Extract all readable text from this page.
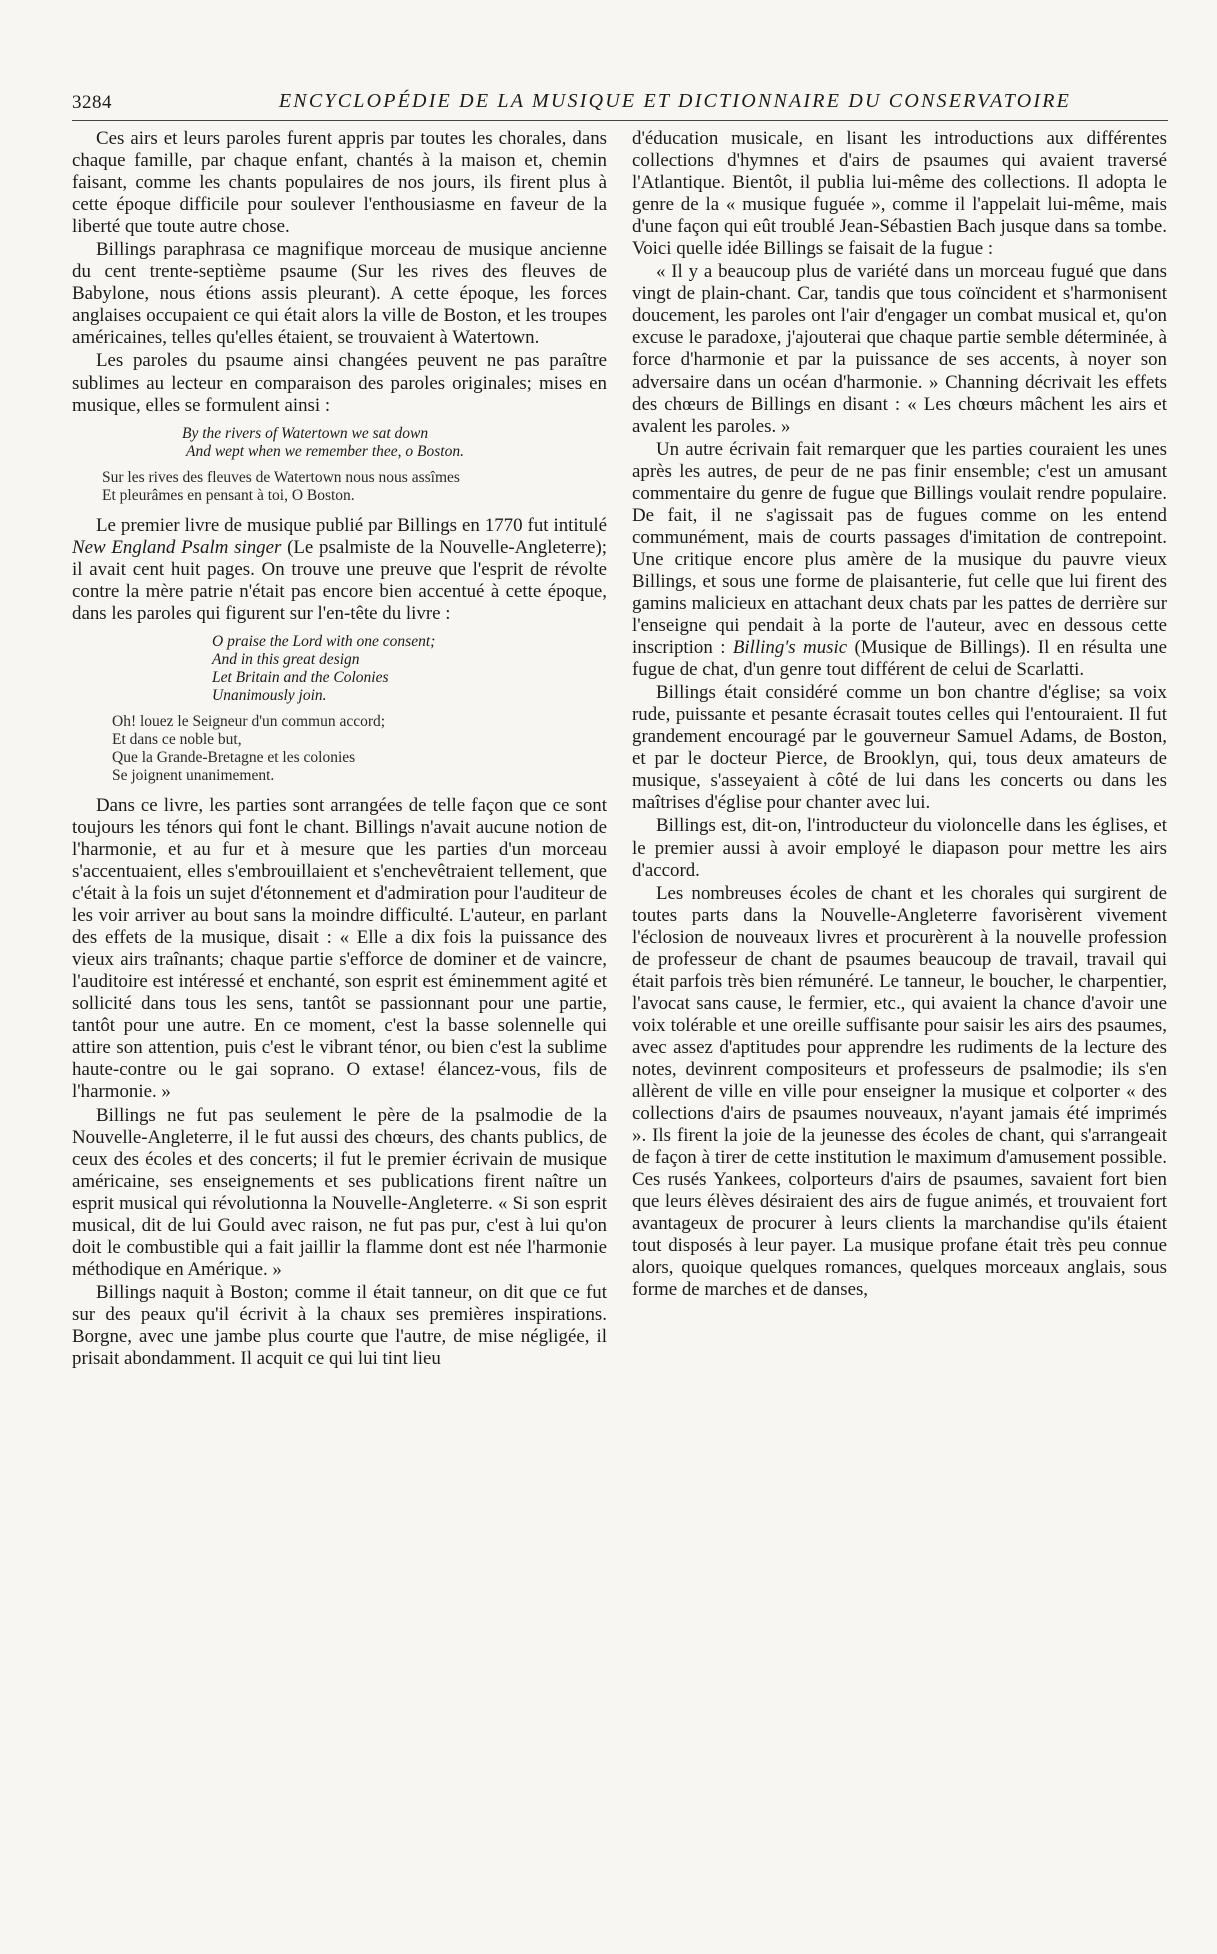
3284	ENCYCLOPÉDIE DE LA MUSIQUE ET DICTIONNAIRE DU CONSERVATOIRE

Ces airs et leurs paroles furent appris par toutes les chorales, dans chaque famille, par chaque enfant, chantés à la maison et, chemin faisant, comme les chants populaires de nos jours, ils firent plus à cette époque difficile pour soulever l'enthousiasme en faveur de la liberté que toute autre chose.

Billings paraphrasa ce magnifique morceau de musique ancienne du cent trente-septième psaume (Sur les rives des fleuves de Babylone, nous étions assis pleurant). A cette époque, les forces anglaises occupaient ce qui était alors la ville de Boston, et les troupes américaines, telles qu'elles étaient, se trouvaient à Watertown.

Les paroles du psaume ainsi changées peuvent ne pas paraître sublimes au lecteur en comparaison des paroles originales; mises en musique, elles se formulent ainsi :

By the rivers of Watertown we sat down
And wept when we remember thee, o Boston.
Sur les rives des fleuves de Watertown nous nous assîmes
Et pleurâmes en pensant à toi, O Boston.

Le premier livre de musique publié par Billings en 1770 fut intitulé New England Psalm singer (Le psalmiste de la Nouvelle-Angleterre); il avait cent huit pages. On trouve une preuve que l'esprit de révolte contre la mère patrie n'était pas encore bien accentué à cette époque, dans les paroles qui figurent sur l'en-tête du livre :

O praise the Lord with one consent;
And in this great design
Let Britain and the Colonies
Unanimously join.
Oh! louez le Seigneur d'un commun accord;
Et dans ce noble but,
Que la Grande-Bretagne et les colonies
Se joignent unanimement.

Dans ce livre, les parties sont arrangées de telle façon que ce sont toujours les ténors qui font le chant. Billings n'avait aucune notion de l'harmonie, et au fur et à mesure que les parties d'un morceau s'accentuaient, elles s'embrouillaient et s'enchevêtraient tellement, que c'était à la fois un sujet d'étonnement et d'admiration pour l'auditeur de les voir arriver au bout sans la moindre difficulté. L'auteur, en parlant des effets de la musique, disait : « Elle a dix fois la puissance des vieux airs traînants; chaque partie s'efforce de dominer et de vaincre, l'auditoire est intéressé et enchanté, son esprit est éminemment agité et sollicité dans tous les sens, tantôt se passionnant pour une partie, tantôt pour une autre. En ce moment, c'est la basse solennelle qui attire son attention, puis c'est le vibrant ténor, ou bien c'est la sublime haute-contre ou le gai soprano. O extase! élancez-vous, fils de l'harmonie. »

Billings ne fut pas seulement le père de la psalmodie de la Nouvelle-Angleterre, il le fut aussi des chœurs, des chants publics, de ceux des écoles et des concerts; il fut le premier écrivain de musique américaine, ses enseignements et ses publications firent naître un esprit musical qui révolutionna la Nouvelle-Angleterre. « Si son esprit musical, dit de lui Gould avec raison, ne fut pas pur, c'est à lui qu'on doit le combustible qui a fait jaillir la flamme dont est née l'harmonie méthodique en Amérique. »

Billings naquit à Boston; comme il était tanneur, on dit que ce fut sur des peaux qu'il écrivit à la chaux ses premières inspirations. Borgne, avec une jambe plus courte que l'autre, de mise négligée, il prisait abondamment. Il acquit ce qui lui tint lieu

d'éducation musicale, en lisant les introductions aux différentes collections d'hymnes et d'airs de psaumes qui avaient traversé l'Atlantique. Bientôt, il publia lui-même des collections. Il adopta le genre de la « musique fuguée », comme il l'appelait lui-même, mais d'une façon qui eût troublé Jean-Sébastien Bach jusque dans sa tombe. Voici quelle idée Billings se faisait de la fugue :

« Il y a beaucoup plus de variété dans un morceau fugué que dans vingt de plain-chant. Car, tandis que tous coïncident et s'harmonisent doucement, les paroles ont l'air d'engager un combat musical et, qu'on excuse le paradoxe, j'ajouterai que chaque partie semble déterminée, à force d'harmonie et par la puissance de ses accents, à noyer son adversaire dans un océan d'harmonie. » Channing décrivait les effets des chœurs de Billings en disant : « Les chœurs mâchent les airs et avalent les paroles. »

Un autre écrivain fait remarquer que les parties couraient les unes après les autres, de peur de ne pas finir ensemble; c'est un amusant commentaire du genre de fugue que Billings voulait rendre populaire. De fait, il ne s'agissait pas de fugues comme on les entend communément, mais de courts passages d'imitation de contrepoint. Une critique encore plus amère de la musique du pauvre vieux Billings, et sous une forme de plaisanterie, fut celle que lui firent des gamins malicieux en attachant deux chats par les pattes de derrière sur l'enseigne qui pendait à la porte de l'auteur, avec en dessous cette inscription : Billing's music (Musique de Billings). Il en résulta une fugue de chat, d'un genre tout différent de celui de Scarlatti.

Billings était considéré comme un bon chantre d'église; sa voix rude, puissante et pesante écrasait toutes celles qui l'entouraient. Il fut grandement encouragé par le gouverneur Samuel Adams, de Boston, et par le docteur Pierce, de Brooklyn, qui, tous deux amateurs de musique, s'asseyaient à côté de lui dans les concerts ou dans les maîtrises d'église pour chanter avec lui.

Billings est, dit-on, l'introducteur du violoncelle dans les églises, et le premier aussi à avoir employé le diapason pour mettre les airs d'accord.

Les nombreuses écoles de chant et les chorales qui surgirent de toutes parts dans la Nouvelle-Angleterre favorisèrent vivement l'éclosion de nouveaux livres et procurèrent à la nouvelle profession de professeur de chant de psaumes beaucoup de travail, travail qui était parfois très bien rémunéré. Le tanneur, le boucher, le charpentier, l'avocat sans cause, le fermier, etc., qui avaient la chance d'avoir une voix tolérable et une oreille suffisante pour saisir les airs des psaumes, avec assez d'aptitudes pour apprendre les rudiments de la lecture des notes, devinrent compositeurs et professeurs de psalmodie; ils s'en allèrent de ville en ville pour enseigner la musique et colporter « des collections d'airs de psaumes nouveaux, n'ayant jamais été imprimés ». Ils firent la joie de la jeunesse des écoles de chant, qui s'arrangeait de façon à tirer de cette institution le maximum d'amusement possible. Ces rusés Yankees, colporteurs d'airs de psaumes, savaient fort bien que leurs élèves désiraient des airs de fugue animés, et trouvaient fort avantageux de procurer à leurs clients la marchandise qu'ils étaient tout disposés à leur payer. La musique profane était très peu connue alors, quoique quelques romances, quelques morceaux anglais, sous forme de marches et de danses,
